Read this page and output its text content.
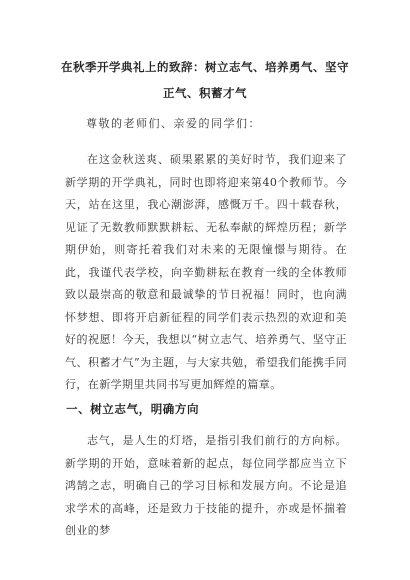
在秋季开学典礼上的致辞：树立志气、培养勇气、坚守正气、积蓄才气

尊敬的老师们、亲爱的同学们：

在这金秋送爽、硕果累累的美好时节，我们迎来了新学期的开学典礼，同时也即将迎来第40个教师节。今天，站在这里，我心潮澎湃，感慨万千。四十载春秋，见证了无数教师默默耕耘、无私奉献的辉煌历程；新学期伊始，则寄托着我们对未来的无限憧憬与期待。在此，我谨代表学校，向辛勤耕耘在教育一线的全体教师致以最崇高的敬意和最诚挚的节日祝福！同时，也向满怀梦想、即将开启新征程的同学们表示热烈的欢迎和美好的祝愿！今天，我想以“树立志气、培养勇气、坚守正气、积蓄才气”为主题，与大家共勉，希望我们能携手同行，在新学期里共同书写更加辉煌的篇章。

一、树立志气，明确方向

志气，是人生的灯塔，是指引我们前行的方向标。新学期的开始，意味着新的起点，每位同学都应当立下鸿鹄之志，明确自己的学习目标和发展方向。不论是追求学术的高峰，还是致力于技能的提升，亦或是怀揣着创业的梦
